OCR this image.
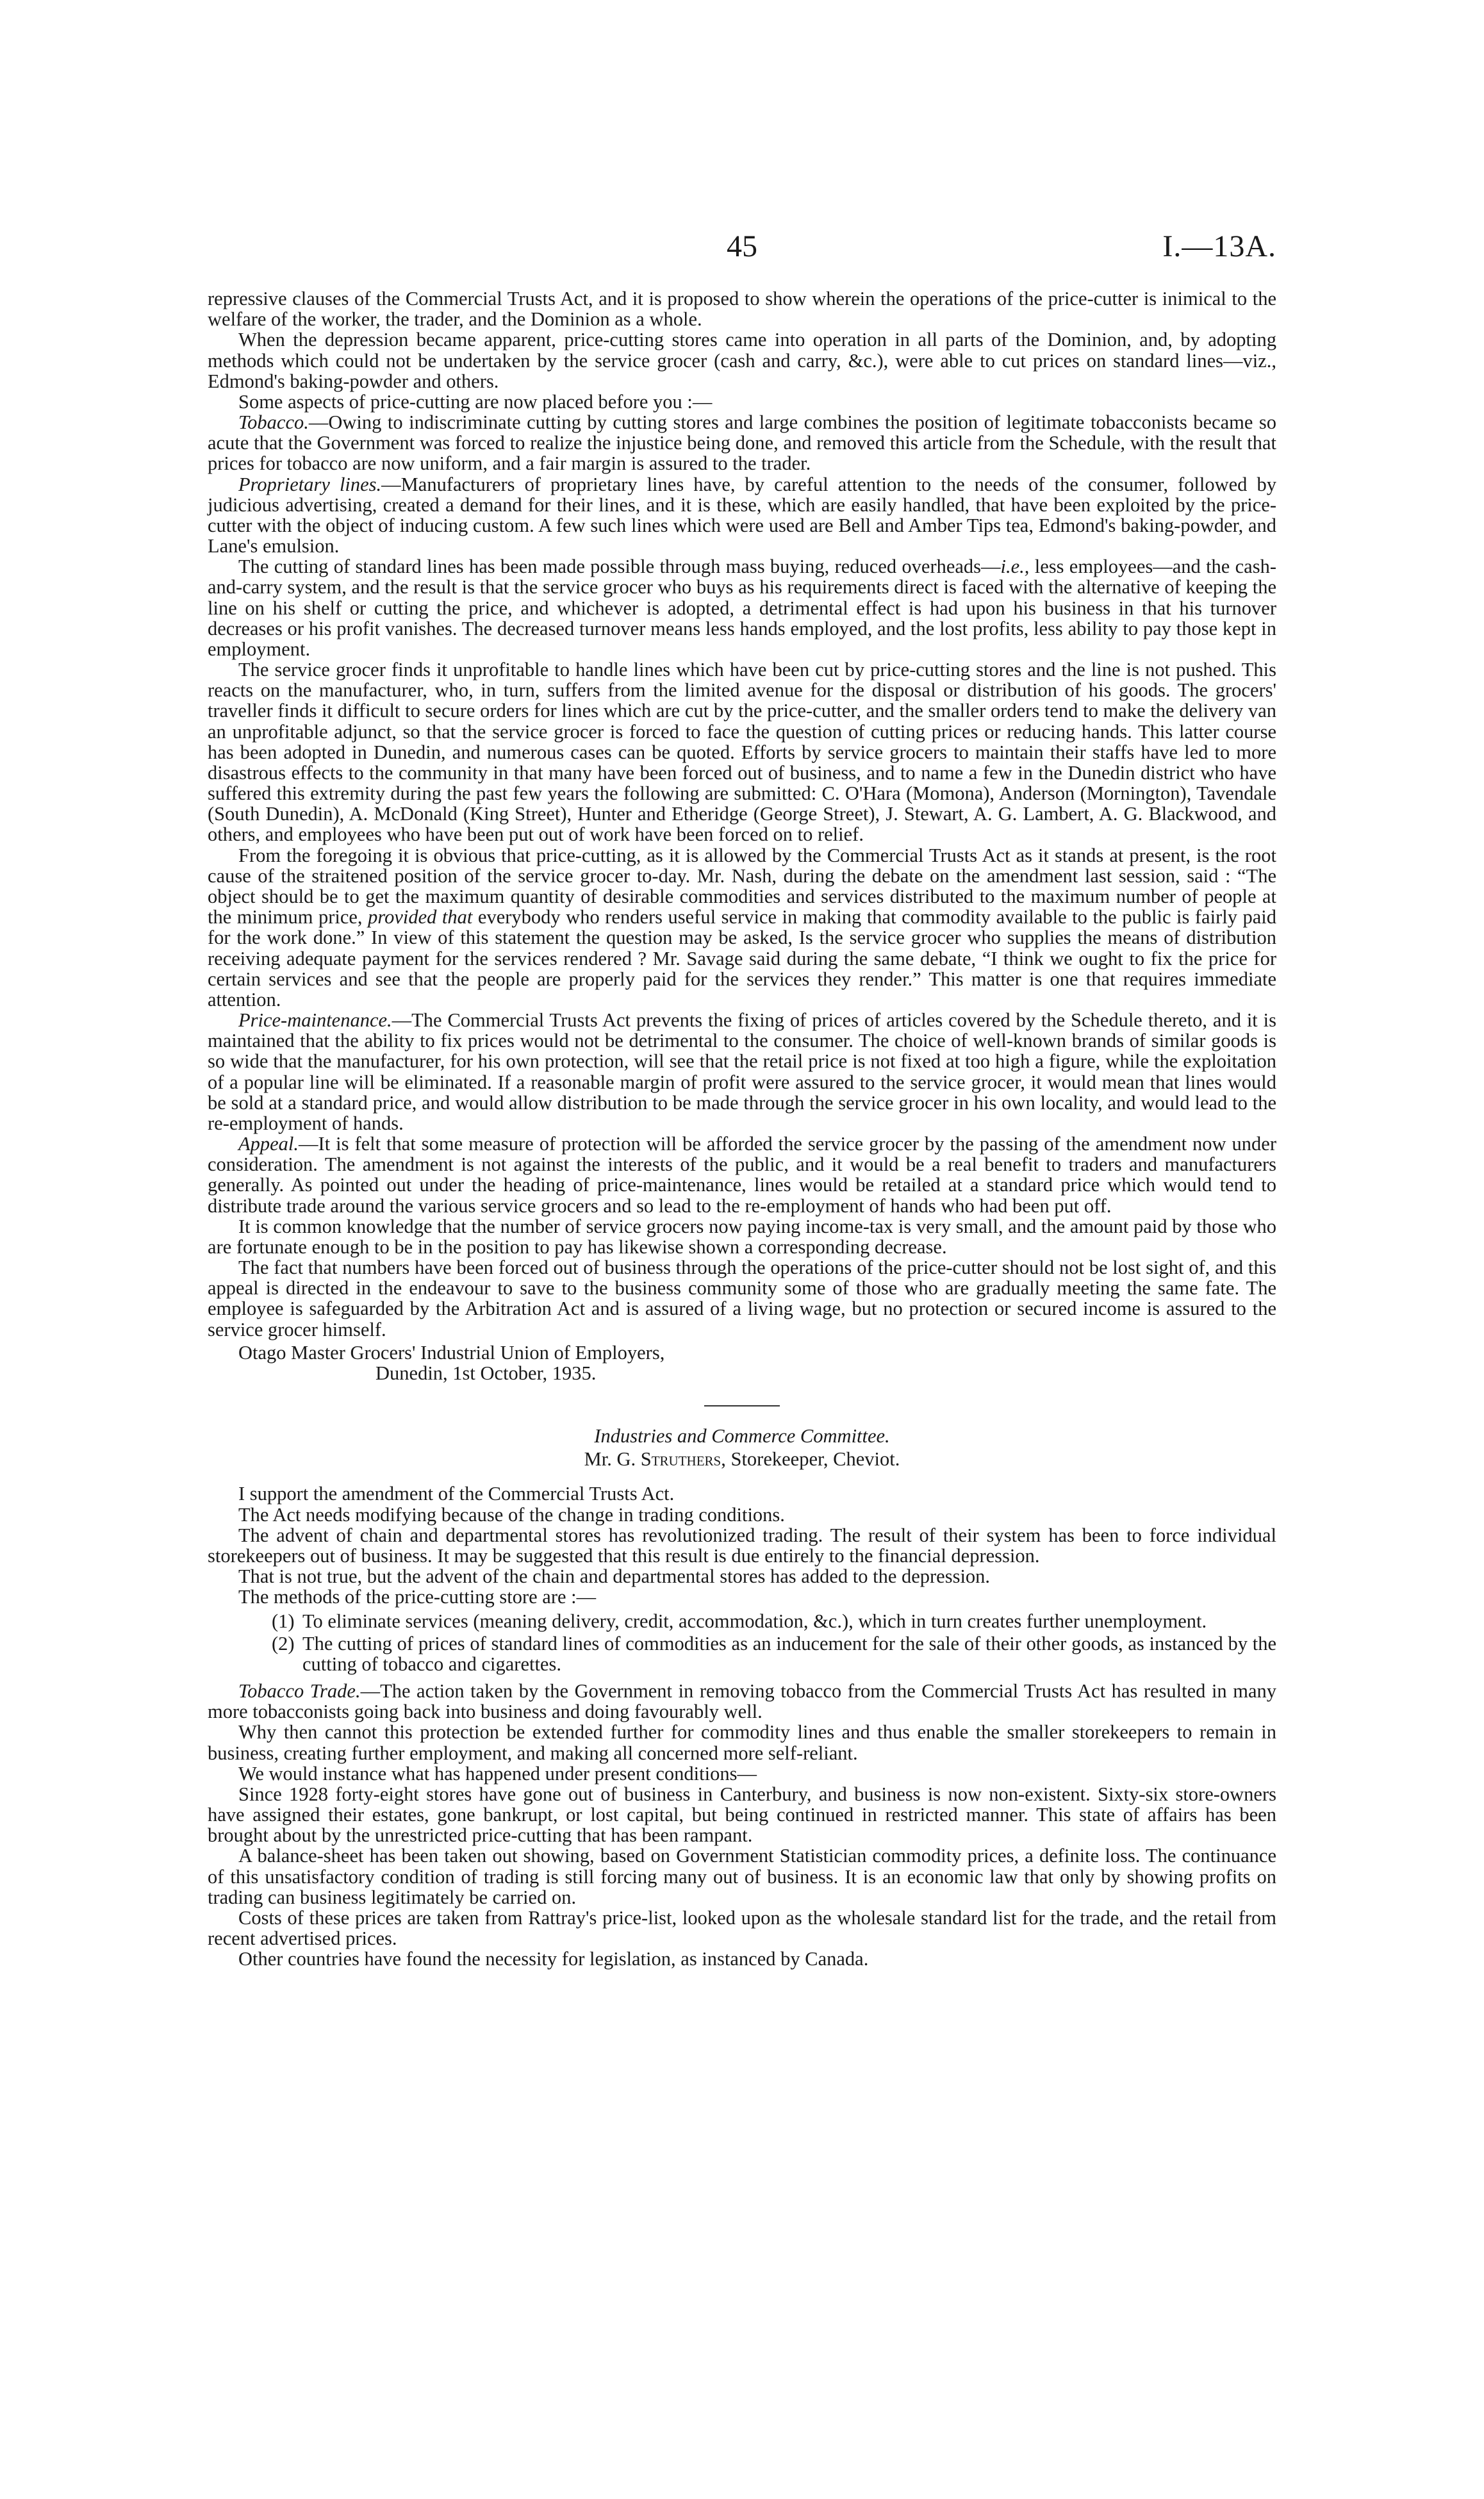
45	I.—13A.

repressive clauses of the Commercial Trusts Act, and it is proposed to show wherein the operations of the price-cutter is inimical to the welfare of the worker, the trader, and the Dominion as a whole.

When the depression became apparent, price-cutting stores came into operation in all parts of the Dominion, and, by adopting methods which could not be undertaken by the service grocer (cash and carry, &c.), were able to cut prices on standard lines—viz., Edmond's baking-powder and others.

Some aspects of price-cutting are now placed before you :—

Tobacco.—Owing to indiscriminate cutting by cutting stores and large combines the position of legitimate tobacconists became so acute that the Government was forced to realize the injustice being done, and removed this article from the Schedule, with the result that prices for tobacco are now uniform, and a fair margin is assured to the trader.

Proprietary lines.—Manufacturers of proprietary lines have, by careful attention to the needs of the consumer, followed by judicious advertising, created a demand for their lines, and it is these, which are easily handled, that have been exploited by the price-cutter with the object of inducing custom. A few such lines which were used are Bell and Amber Tips tea, Edmond's baking-powder, and Lane's emulsion.

The cutting of standard lines has been made possible through mass buying, reduced overheads—i.e., less employees—and the cash-and-carry system, and the result is that the service grocer who buys as his requirements direct is faced with the alternative of keeping the line on his shelf or cutting the price, and whichever is adopted, a detrimental effect is had upon his business in that his turnover decreases or his profit vanishes. The decreased turnover means less hands employed, and the lost profits, less ability to pay those kept in employment.

The service grocer finds it unprofitable to handle lines which have been cut by price-cutting stores and the line is not pushed. This reacts on the manufacturer, who, in turn, suffers from the limited avenue for the disposal or distribution of his goods. The grocers' traveller finds it difficult to secure orders for lines which are cut by the price-cutter, and the smaller orders tend to make the delivery van an unprofitable adjunct, so that the service grocer is forced to face the question of cutting prices or reducing hands. This latter course has been adopted in Dunedin, and numerous cases can be quoted. Efforts by service grocers to maintain their staffs have led to more disastrous effects to the community in that many have been forced out of business, and to name a few in the Dunedin district who have suffered this extremity during the past few years the following are submitted: C. O'Hara (Momona), Anderson (Mornington), Tavendale (South Dunedin), A. McDonald (King Street), Hunter and Etheridge (George Street), J. Stewart, A. G. Lambert, A. G. Blackwood, and others, and employees who have been put out of work have been forced on to relief.

From the foregoing it is obvious that price-cutting, as it is allowed by the Commercial Trusts Act as it stands at present, is the root cause of the straitened position of the service grocer to-day. Mr. Nash, during the debate on the amendment last session, said : “The object should be to get the maximum quantity of desirable commodities and services distributed to the maximum number of people at the minimum price, provided that everybody who renders useful service in making that commodity available to the public is fairly paid for the work done.” In view of this statement the question may be asked, Is the service grocer who supplies the means of distribution receiving adequate payment for the services rendered ? Mr. Savage said during the same debate, “I think we ought to fix the price for certain services and see that the people are properly paid for the services they render.” This matter is one that requires immediate attention.

Price-maintenance.—The Commercial Trusts Act prevents the fixing of prices of articles covered by the Schedule thereto, and it is maintained that the ability to fix prices would not be detrimental to the consumer. The choice of well-known brands of similar goods is so wide that the manufacturer, for his own protection, will see that the retail price is not fixed at too high a figure, while the exploitation of a popular line will be eliminated. If a reasonable margin of profit were assured to the service grocer, it would mean that lines would be sold at a standard price, and would allow distribution to be made through the service grocer in his own locality, and would lead to the re-employment of hands.

Appeal.—It is felt that some measure of protection will be afforded the service grocer by the passing of the amendment now under consideration. The amendment is not against the interests of the public, and it would be a real benefit to traders and manufacturers generally. As pointed out under the heading of price-maintenance, lines would be retailed at a standard price which would tend to distribute trade around the various service grocers and so lead to the re-employment of hands who had been put off.

It is common knowledge that the number of service grocers now paying income-tax is very small, and the amount paid by those who are fortunate enough to be in the position to pay has likewise shown a corresponding decrease.

The fact that numbers have been forced out of business through the operations of the price-cutter should not be lost sight of, and this appeal is directed in the endeavour to save to the business community some of those who are gradually meeting the same fate. The employee is safeguarded by the Arbitration Act and is assured of a living wage, but no protection or secured income is assured to the service grocer himself.

Otago Master Grocers' Industrial Union of Employers,
Dunedin, 1st October, 1935.
Industries and Commerce Committee.
Mr. G. Struthers, Storekeeper, Cheviot.

I support the amendment of the Commercial Trusts Act.

The Act needs modifying because of the change in trading conditions.

The advent of chain and departmental stores has revolutionized trading. The result of their system has been to force individual storekeepers out of business. It may be suggested that this result is due entirely to the financial depression.

That is not true, but the advent of the chain and departmental stores has added to the depression.

The methods of the price-cutting store are :—

(1) To eliminate services (meaning delivery, credit, accommodation, &c.), which in turn creates further unemployment.
(2) The cutting of prices of standard lines of commodities as an inducement for the sale of their other goods, as instanced by the cutting of tobacco and cigarettes.

Tobacco Trade.—The action taken by the Government in removing tobacco from the Commercial Trusts Act has resulted in many more tobacconists going back into business and doing favourably well.

Why then cannot this protection be extended further for commodity lines and thus enable the smaller storekeepers to remain in business, creating further employment, and making all concerned more self-reliant.

We would instance what has happened under present conditions—

Since 1928 forty-eight stores have gone out of business in Canterbury, and business is now non-existent. Sixty-six store-owners have assigned their estates, gone bankrupt, or lost capital, but being continued in restricted manner. This state of affairs has been brought about by the unrestricted price-cutting that has been rampant.

A balance-sheet has been taken out showing, based on Government Statistician commodity prices, a definite loss. The continuance of this unsatisfactory condition of trading is still forcing many out of business. It is an economic law that only by showing profits on trading can business legitimately be carried on.

Costs of these prices are taken from Rattray's price-list, looked upon as the wholesale standard list for the trade, and the retail from recent advertised prices.

Other countries have found the necessity for legislation, as instanced by Canada.
